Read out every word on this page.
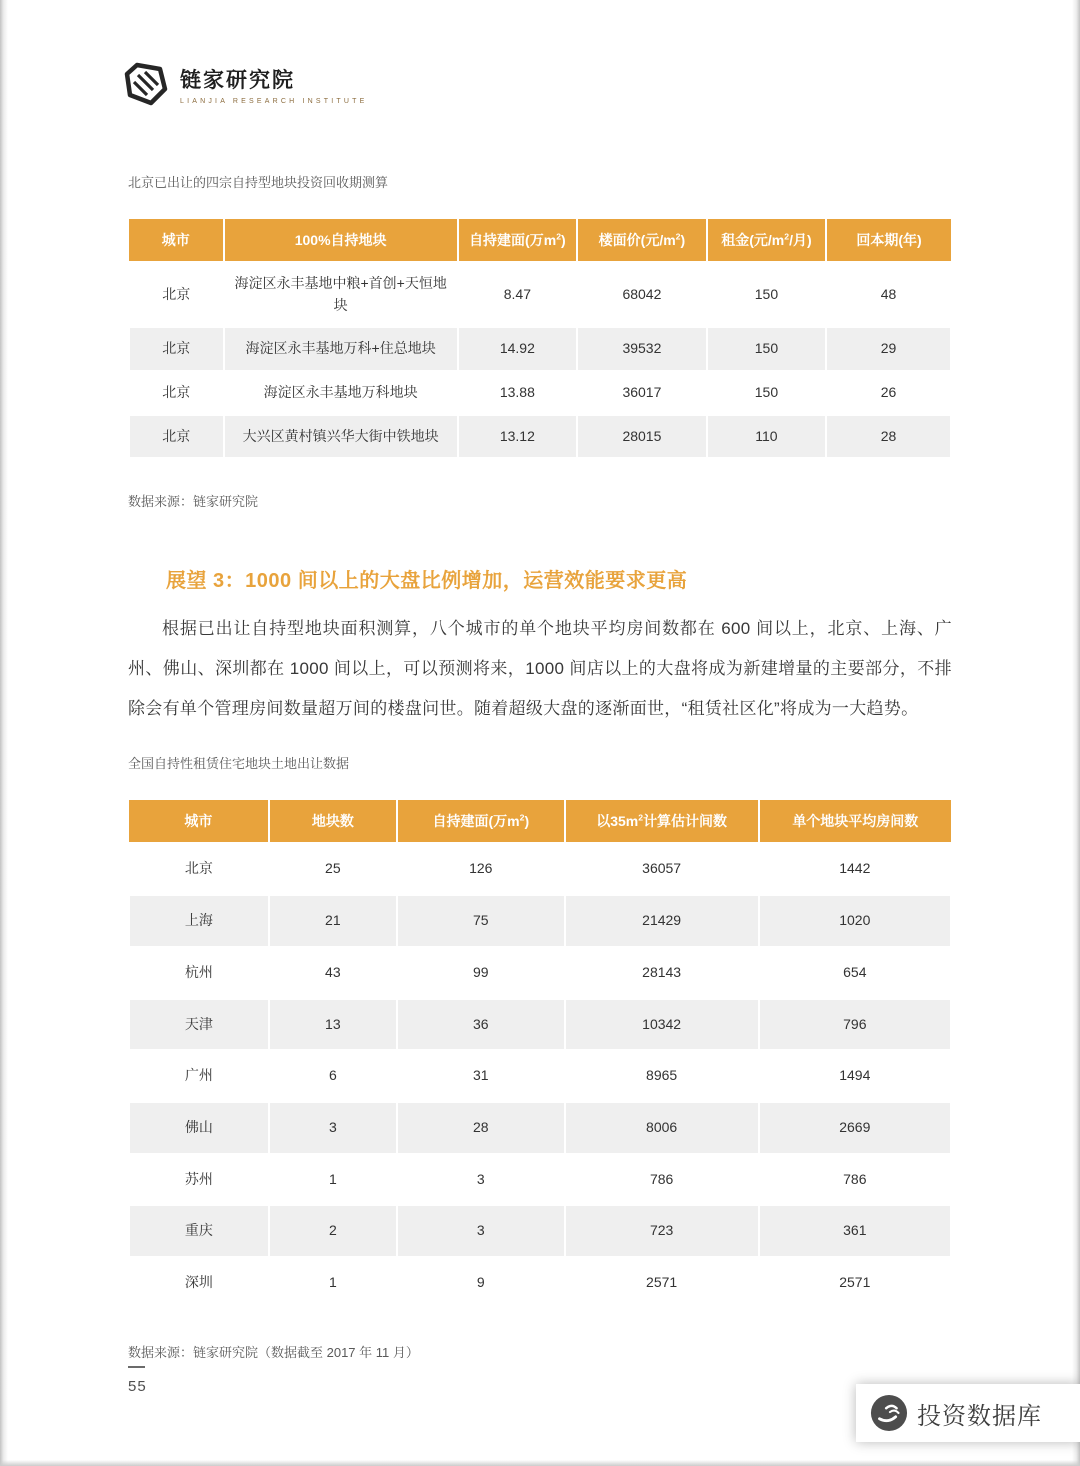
链家研究院
LIANJIA RESEARCH INSTITUTE

北京已出让的四宗自持型地块投资回收期测算

城市	100%自持地块	自持建面(万$m^2$)	楼面价(元$/m^2$)	租金(元$/m^2/$月)	回本期(年)
北京	海淀区永丰基地中粮+首创+天恒地块	8.47	68042	150	48
北京	海淀区永丰基地万科+住总地块	14.92	39532	150	29
北京	海淀区永丰基地万科地块	13.88	36017	150	26
北京	大兴区黄村镇兴华大街中铁地块	13.12	28015	110	28

数据来源：链家研究院

展望 3：1000 间以上的大盘比例增加，运营效能要求更高

根据已出让自持型地块面积测算，八个城市的单个地块平均房间数都在 600 间以上，北京、上海、广州、佛山、深圳都在 1000 间以上，可以预测将来，1000 间店以上的大盘将成为新建增量的主要部分，不排除会有单个管理房间数量超万间的楼盘问世。随着超级大盘的逐渐面世，“租赁社区化”将成为一大趋势。

全国自持性租赁住宅地块土地出让数据

城市	地块数	自持建面(万$m^2$)	以$35m^2$计算估计间数	单个地块平均房间数
北京	25	126	36057	1442
上海	21	75	21429	1020
杭州	43	99	28143	654
天津	13	36	10342	796
广州	6	31	8965	1494
佛山	3	28	8006	2669
苏州	1	3	786	786
重庆	2	3	723	361
深圳	1	9	2571	2571

数据来源：链家研究院（数据截至 2017 年 11 月）

55
投资数据库
